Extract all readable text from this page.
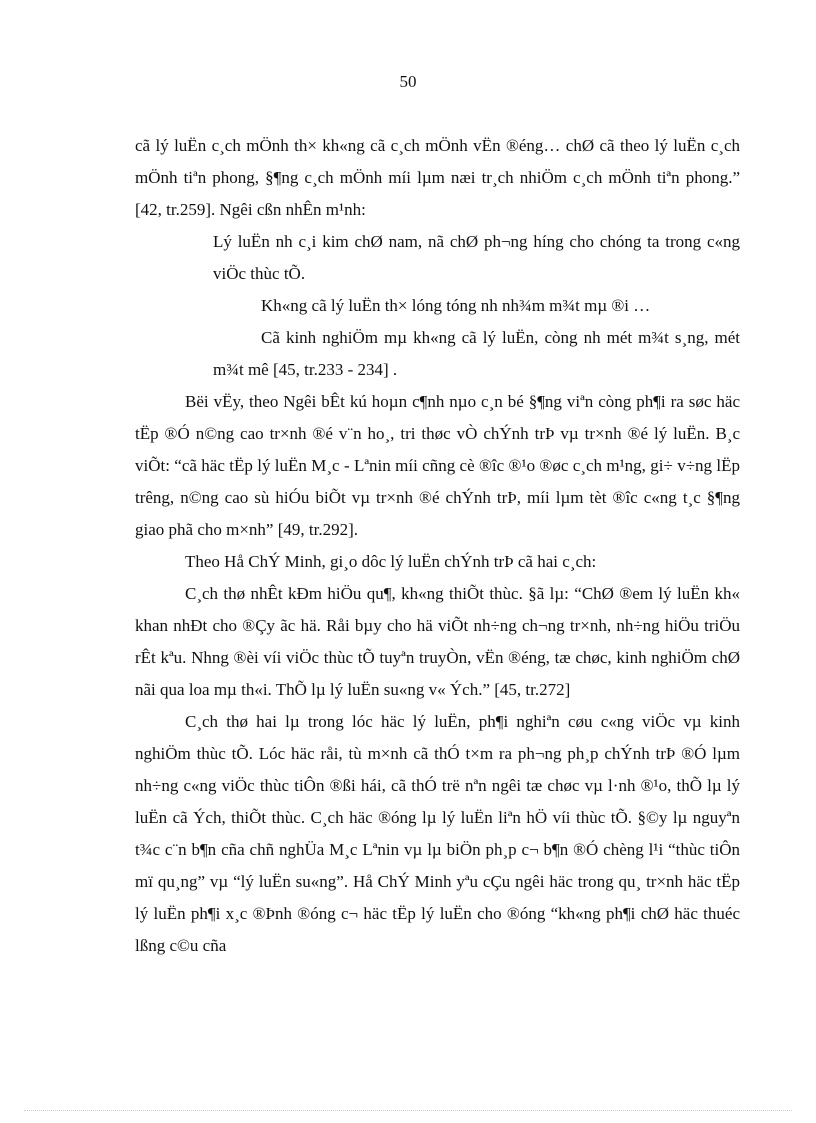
50

cã lý luËn c¸ch mÖnh th× kh«ng cã c¸ch mÖnh vËn ®éng… chØ cã theo lý luËn c¸ch mÖnh tiªn phong, §¶ng c¸ch mÖnh míi lµm næi tr¸ch nhiÖm c¸ch mÖnh tiªn phong.” [42, tr.259]. Ngêi cßn nhÊn m¹nh:

Lý luËn nh c¸i kim chØ nam, nã chØ ph¬ng híng cho chóng ta trong c«ng viÖc thùc tÕ.

Kh«ng cã lý luËn th× lóng tóng nh nh¾m m¾t mµ ®i …

Cã kinh nghiÖm mµ kh«ng cã lý luËn, còng nh mét m¾t s¸ng, mét m¾t mê [45, tr.233 - 234] .

Bëi vËy, theo Ngêi bÊt kú hoµn c¶nh nµo c¸n bé §¶ng viªn còng ph¶i ra søc häc tËp ®Ó n©ng cao tr×nh ®é v¨n ho¸, tri thøc vÒ chÝnh trÞ vµ tr×nh ®é lý luËn. B¸c viÕt: “cã häc tËp lý luËn M¸c - Lªnin míi cñng cè ®îc ®¹o ®øc c¸ch m¹ng, gi÷ v÷ng lËp trêng, n©ng cao sù hiÓu biÕt vµ tr×nh ®é chÝnh trÞ, míi lµm tèt ®îc c«ng t¸c §¶ng giao phã cho m×nh” [49, tr.292].

Theo Hå ChÝ Minh, gi¸o dôc lý luËn chÝnh trÞ cã hai c¸ch:

C¸ch thø nhÊt kÐm hiÖu qu¶, kh«ng thiÕt thùc. §ã lµ: “ChØ ®em lý luËn kh« khan nhÐt cho ®Çy ãc hä. Råi bµy cho hä viÕt nh÷ng ch¬ng tr×nh, nh÷ng hiÖu triÖu rÊt kªu. Nhng ®èi víi viÖc thùc tÕ tuyªn truyÒn, vËn ®éng, tæ chøc, kinh nghiÖm chØ nãi qua loa mµ th«i. ThÕ lµ lý luËn su«ng v« Ých.” [45, tr.272]

C¸ch thø hai lµ trong lóc häc lý luËn, ph¶i nghiªn cøu c«ng viÖc vµ kinh nghiÖm thùc tÕ. Lóc häc råi, tù m×nh cã thÓ t×m ra ph¬ng ph¸p chÝnh trÞ ®Ó lµm nh÷ng c«ng viÖc thùc tiÔn ®ßi hái, cã thÓ trë nªn ngêi tæ chøc vµ l·nh ®¹o, thÕ lµ lý luËn cã Ých, thiÕt thùc. C¸ch häc ®óng lµ lý luËn liªn hÖ víi thùc tÕ. §©y lµ nguyªn t¾c c¨n b¶n cña chñ nghÜa M¸c Lªnin vµ lµ biÖn ph¸p c¬ b¶n ®Ó chèng l¹i “thùc tiÔn mï qu¸ng” vµ “lý luËn su«ng”. Hå ChÝ Minh yªu cÇu ngêi häc trong qu¸ tr×nh häc tËp lý luËn ph¶i x¸c ®Þnh ®óng c¬ häc tËp lý luËn cho ®óng “kh«ng ph¶i chØ häc thuéc lßng c©u cña
